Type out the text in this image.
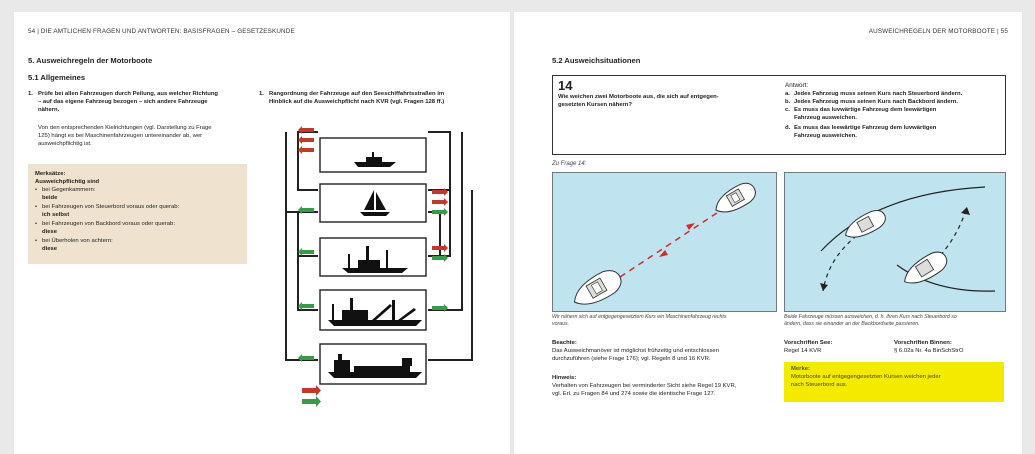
54 | DIE AMTLICHEN FRAGEN UND ANTWORTEN: BASISFRAGEN – GESETZESKUNDE
5. Ausweichregeln der Motorboote
5.1 Allgemeines
1. Prüfe bei allen Fahrzeugen durch Peilung, aus welcher Richtung
– auf das eigene Fahrzeug bezogen – sich andere Fahrzeuge
nähern.
Von den entsprechenden Kielrichtungen (vgl. Darstellung zu Frage
125) hängt es bei Maschinenfahrzeugen untereinander ab, wer
ausweichpflichtig ist.
Merksätze:
Ausweichpflichtig sind
• bei Gegenkammern:
beide
• bei Fahrzeugen von Steuerbord voraus oder querab:
ich selbst
• bei Fahrzeugen von Backbord voraus oder querab:
diese
• bei Überholen von achtern:
diese
1. Rangordnung der Fahrzeuge auf den Seeschiffahrtsstraßen im
Hinblick auf die Ausweichpflicht nach KVR (vgl. Fragen 128 ff.)
AUSWEICHREGELN DER MOTORBOOTE | 55
5.2 Ausweichsituationen
14
Wie weichen zwei Motorboote aus, die sich auf entgegen-
gesetzten Kursen nähern?
Antwort:
a. Jedes Fahrzeug muss seinen Kurs nach Steuerbord ändern.
b. Jedes Fahrzeug muss seinen Kurs nach Backbord ändern.
c. Es muss das luvwärtige Fahrzeug dem leewärtigen
Fahrzeug ausweichen.
d. Es muss das leewärtige Fahrzeug dem luvwärtigen
Fahrzeug ausweichen.
Zu Frage 14:
Wir nähern sich auf entgegengesetztem Kurs ein Maschinenfahrzeug rechts
voraus.
Beide Fahrzeuge müssen ausweichen, d. h. ihren Kurs nach Steuerbord so
ändern, dass sie einander an der Backbordseite passieren.
Beachte:
Das Ausweichmanöver ist möglichst frühzeitig und entschlossen
durchzuführen (siehe Frage 176); vgl. Regeln 8 und 16 KVR.
Hinweis:
Verhalten von Fahrzeugen bei verminderter Sicht siehe Regel 19 KVR,
vgl. Erl. zu Fragen 84 und 274 sowie die identische Frage 127.
Vorschriften See:
Regel 14 KVR
Vorschriften Binnen:
§ 6.02a Nr. 4a BinSchStrO
Merke:
Motorboote auf entgegengesetzten Kursen weichen jeder
nach Steuerbord aus.
